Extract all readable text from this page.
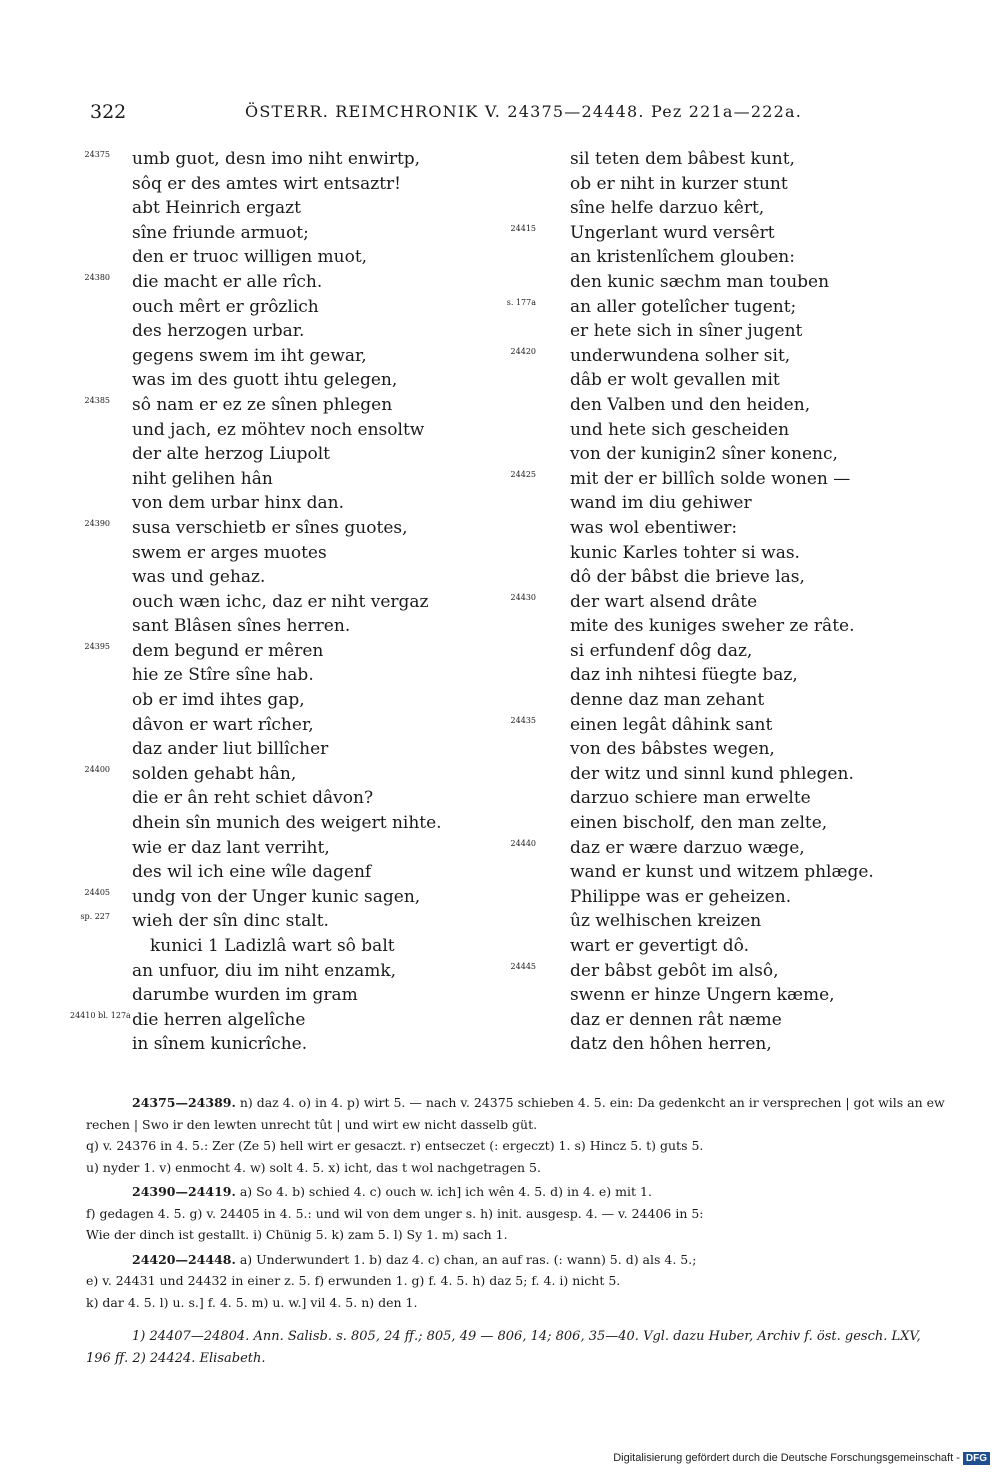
322	ÖSTERR. REIMCHRONIK V. 24375—24448. Pez 221a—222a.
24375 umb guot, desn imo niht enwirtp,
sôq er des amtes wirt entsaztr!
abt Heinrich ergazt
sîne friunde armuot;
den er truoc willigen muot,
24380 die macht er alle rîch.
ouch mêrt er grôzlich
des herzogen urbar.
gegens swem im iht gewar,
was im des guott ihtu gelegen,
24385 sô nam er ez ze sînen phlegen
und jach, ez möhtev noch ensoltw
der alte herzog Liupolt
niht gelihen hân
von dem urbar hinx dan.
24390 susa verschietb er sînes guotes,
swem er arges muotes
was und gehaz.
ouch wæn ichc, daz er niht vergaz
sant Blâsen sînes herren.
24395 dem begund er mêren
hie ze Stîre sîne hab.
ob er imd ihtes gap,
dâvon er wart rîcher,
daz ander liut billîcher
24400 solden gehabt hân,
die er ân reht schiet dâvon?
dhein sîn munich des weigert nihte.
wie er daz lant verriht,
des wil ich eine wîle dagenf
24405 undg von der Unger kunic sagen,
sp. 227 wieh der sîn dinc stalt.
kunici 1 Ladizlâ wart sô balt
an unfuor, diu im niht enzamk,
darumbe wurden im gram
24410 bl. 127a die herren algelîche
in sînem kunicrîche.
sil teten dem bâbest kunt,
ob er niht in kurzer stunt
sîne helfe darzuo kêrt,
24415 Ungerlant wurd versêrt
an kristenlîchem glouben:
den kunic sæchm man touben
s. 177a an aller gotelîcher tugent;
er hete sich in sîner jugent
24420 underwundena solher sit,
dâb er wolt gevallen mit
den Valben und den heiden,
und hete sich gescheiden
von der kunigin2 sîner konenc,
24425 mit der er billîch solde wonen —
wand im diu gehiwer
was wol ebentiwer:
kunic Karles tohter si was.
dô der bâbst die brieve las,
24430 der wart alsend drâte
mite des kuniges sweher ze râte.
si erfundenf dôg daz,
daz inh nihtesi füegte baz,
denne daz man zehant
24435 einen legât dâhink sant
von des bâbstes wegen,
der witz und sinnl kund phlegen.
darzuo schiere man erwelte
einen bischolf, den man zelte,
24440 daz er wære darzuo wæge,
wand er kunst und witzem phlæge.
Philippe was er geheizen.
ûz welhischen kreizen
wart er gevertigt dô.
24445 der bâbst gebôt im alsô,
swenn er hinze Ungern kæme,
daz er dennen rât næme
datz den hôhen herren,

24375—24389. n) daz 4. o) in 4. p) wirt 5. — nach v. 24375 schieben 4. 5. ein: Da gedenkcht an ir versprechen | got wils an ew rechen | Swo ir den lewten unrecht tût | und wirt ew nicht dasselb güt.

q) v. 24376 in 4. 5.: Zer (Ze 5) hell wirt er gesaczt. r) entseczet (: ergeczt) 1. s) Hincz 5. t) guts 5.

u) nyder 1. v) enmocht 4. w) solt 4. 5. x) icht, das t wol nachgetragen 5.

24390—24419. a) So 4. b) schied 4. c) ouch w. ich] ich wên 4. 5. d) in 4. e) mit 1.

f) gedagen 4. 5. g) v. 24405 in 4. 5.: und wil von dem unger s. h) init. ausgesp. 4. — v. 24406 in 5:

Wie der dinch ist gestallt. i) Chünig 5. k) zam 5. l) Sy 1. m) sach 1.

24420—24448. a) Underwundert 1. b) daz 4. c) chan, an auf ras. (: wann) 5. d) als 4. 5.;

e) v. 24431 und 24432 in einer z. 5. f) erwunden 1. g) f. 4. 5. h) daz 5; f. 4. i) nicht 5.

k) dar 4. 5. l) u. s.] f. 4. 5. m) u. w.] vil 4. 5. n) den 1.

1) 24407—24804. Ann. Salisb. s. 805, 24 ff.; 805, 49 — 806, 14; 806, 35—40. Vgl. dazu Huber, Archiv f. öst. gesch. LXV, 196 ff. 2) 24424. Elisabeth.

Digitalisierung gefördert durch die Deutsche Forschungsgemeinschaft - DFG
